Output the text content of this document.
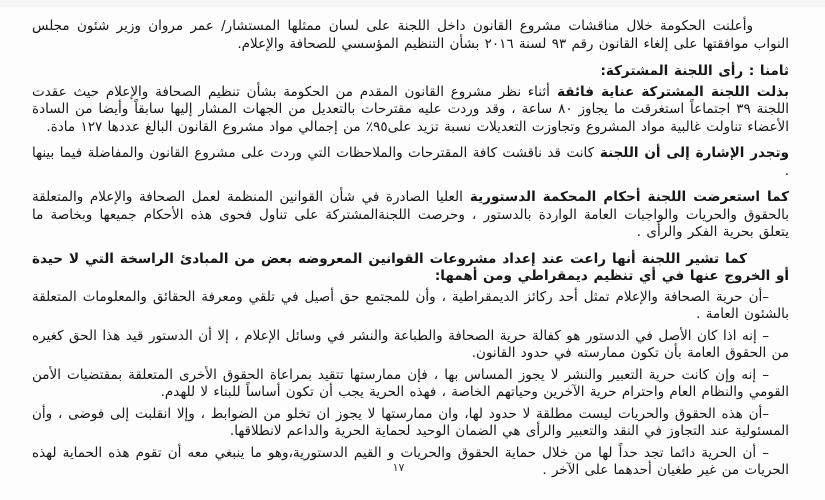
وأعلنت الحكومة خلال مناقشات مشروع القانون داخل اللجنة على لسان ممثلها المستشار/ عمر مروان وزير شئون مجلس النواب موافقتها على إلغاء القانون رقم ٩٣ لسنة ٢٠١٦ بشأن التنظيم المؤسسي للصحافة والإعلام.

ثامنا : رأى اللجنة المشتركة:

بذلت اللجنة المشتركة عناية فائقة أثناء نظر مشروع القانون المقدم من الحكومة بشأن تنظيم الصحافة والإعلام حيث عقدت اللجنة ٣٩ اجتماعاً استغرقت ما يجاوز ٨٠ ساعة ، وقد وردت عليه مقترحات بالتعديل من الجهات المشار إليها سابقاً وأيضا من السادة الأعضاء تناولت غالبية مواد المشروع وتجاوزت التعديلات نسبة تزيد على٩٥٪ من إجمالي مواد مشروع القانون البالغ عددها ١٢٧ مادة.

وتجدر الإشارة إلى أن اللجنة كانت قد ناقشت كافة المقترحات والملاحظات التي وردت على مشروع القانون والمفاضلة فيما بينها .

كما استعرضت اللجنة أحكام المحكمة الدستورية العليا الصادرة في شأن القوانين المنظمة لعمل الصحافة والإعلام والمتعلقة بالحقوق والحريات والواجبات العامة الواردة بالدستور ، وحرصت اللجنةالمشتركة على تناول فحوى هذه الأحكام جميعها وبخاصة ما يتعلق بحرية الفكر والرأى .

كما تشير اللجنة أنها راعت عند إعداد مشروعات القوانين المعروضه بعض من المبادئ الراسخة التي لا حيدة أو الخروج عنها في أي تنظيم ديمقراطي ومن أهمها:

–أن حرية الصحافة والإعلام تمثل أحد ركائز الديمقراطية ، وأن للمجتمع حق أصيل في تلقي ومعرفة الحقائق والمعلومات المتعلقة بالشئون العامة .

– إنه اذا كان الأصل في الدستور هو كفالة حرية الصحافة والطباعة والنشر في وسائل الإعلام ، إلا أن الدستور قيد هذا الحق كغيره من الحقوق العامة بأن تكون ممارسته في حدود القانون.

– إنه وإن كانت حرية التعبير والنشر لا يجوز المساس بها ، فإن ممارستها تتقيد بمراعاة الحقوق الأخرى المتعلقة بمقتضيات الأمن القومي والنظام العام واحترام حرية الآخرين وحياتهم الخاصة ، فهذه الحرية يجب أن تكون أساساً للبناء لا للهدم.

–أن هذه الحقوق والحريات ليست مطلقة لا حدود لها، وان ممارستها لا يجوز ان تخلو من الضوابط ، وإلا انقلبت إلى فوضى ، وأن المسئولية عند التجاوز في النقد والتعبير والرأى هي الضمان الوحيد لحماية الحرية والداعم لانطلاقها.

– أن الحرية دائما تجد حداً لها من خلال حماية الحقوق والحريات و القيم الدستورية،وهو ما ينبغي معه أن تقوم هذه الحماية لهذه الحريات من غير طغيان أحدهما على الآخر .

١٧
